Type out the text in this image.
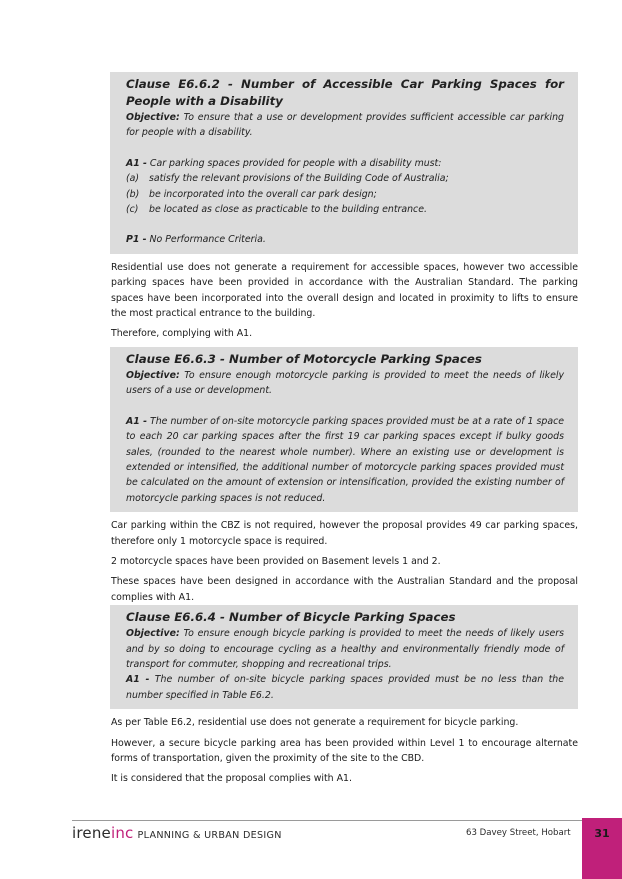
Clause E6.6.2 - Number of Accessible Car Parking Spaces for People with a Disability

Objective: To ensure that a use or development provides sufficient accessible car parking for people with a disability.

A1 - Car parking spaces provided for people with a disability must:

(a)	satisfy the relevant provisions of the Building Code of Australia;
(b)	be incorporated into the overall car park design;
(c)	be located as close as practicable to the building entrance.

P1 - No Performance Criteria.

Residential use does not generate a requirement for accessible spaces, however two accessible parking spaces have been provided in accordance with the Australian Standard. The parking spaces have been incorporated into the overall design and located in proximity to lifts to ensure the most practical entrance to the building.

Therefore, complying with A1.

Clause E6.6.3 - Number of Motorcycle Parking Spaces

Objective: To ensure enough motorcycle parking is provided to meet the needs of likely users of a use or development.

A1 - The number of on-site motorcycle parking spaces provided must be at a rate of 1 space to each 20 car parking spaces after the first 19 car parking spaces except if bulky goods sales, (rounded to the nearest whole number). Where an existing use or development is extended or intensified, the additional number of motorcycle parking spaces provided must be calculated on the amount of extension or intensification, provided the existing number of motorcycle parking spaces is not reduced.

Car parking within the CBZ is not required, however the proposal provides 49 car parking spaces, therefore only 1 motorcycle space is required.

2 motorcycle spaces have been provided on Basement levels 1 and 2.

These spaces have been designed in accordance with the Australian Standard and the proposal complies with A1.

Clause E6.6.4 - Number of Bicycle Parking Spaces

Objective: To ensure enough bicycle parking is provided to meet the needs of likely users and by so doing to encourage cycling as a healthy and environmentally friendly mode of transport for commuter, shopping and recreational trips.

A1 - The number of on-site bicycle parking spaces provided must be no less than the number specified in Table E6.2.

As per Table E6.2, residential use does not generate a requirement for bicycle parking.

However, a secure bicycle parking area has been provided within Level 1 to encourage alternate forms of transportation, given the proximity of the site to the CBD.

It is considered that the proposal complies with A1.

ireneinc PLANNING & URBAN DESIGN	63 Davey Street, Hobart	31
